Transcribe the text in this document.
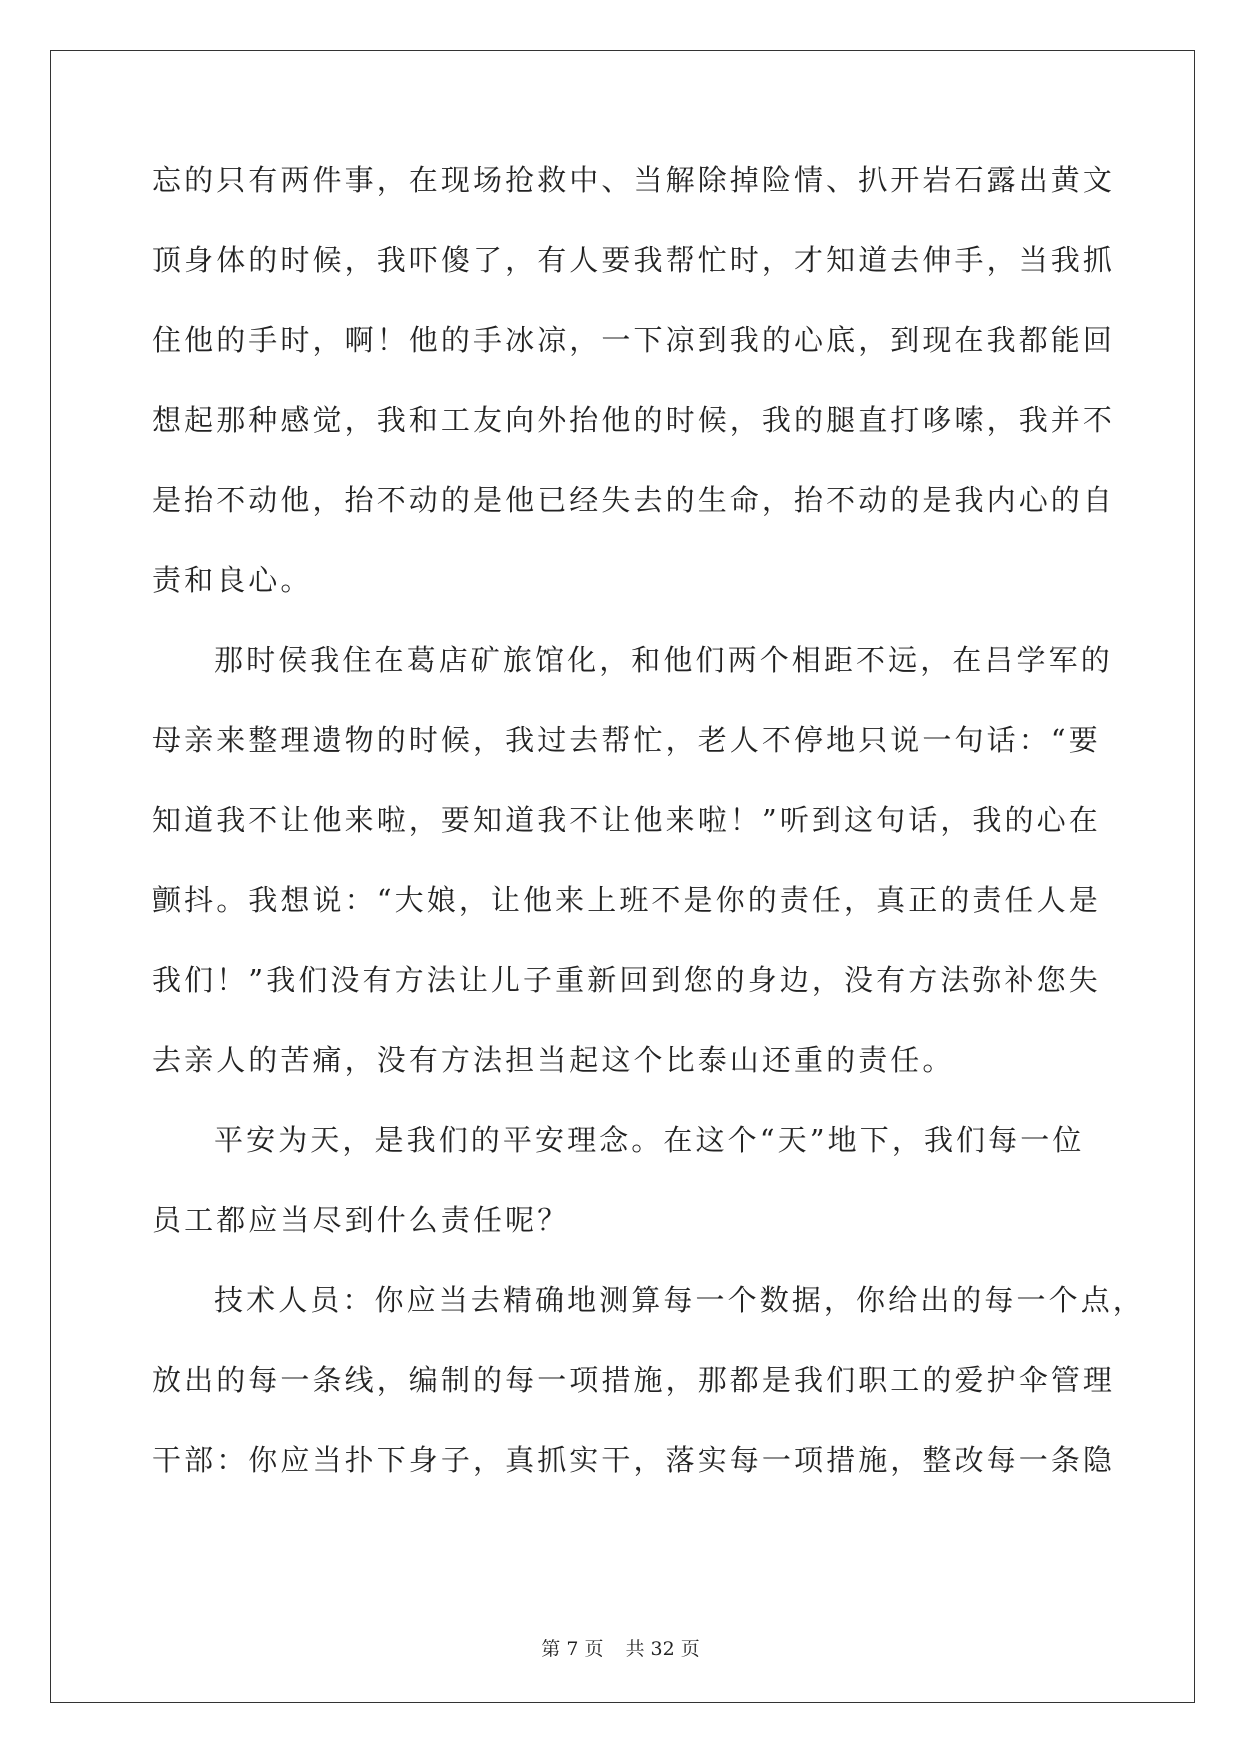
忘的只有两件事，在现场抢救中、当解除掉险情、扒开岩石露出黄文

顶身体的时候，我吓傻了，有人要我帮忙时，才知道去伸手，当我抓

住他的手时，啊！他的手冰凉，一下凉到我的心底，到现在我都能回

想起那种感觉，我和工友向外抬他的时候，我的腿直打哆嗦，我并不

是抬不动他，抬不动的是他已经失去的生命，抬不动的是我内心的自

责和良心。

那时侯我住在葛店矿旅馆化，和他们两个相距不远，在吕学军的

母亲来整理遗物的时候，我过去帮忙，老人不停地只说一句话：“要

知道我不让他来啦，要知道我不让他来啦！”听到这句话，我的心在

颤抖。我想说：“大娘，让他来上班不是你的责任，真正的责任人是

我们！”我们没有方法让儿子重新回到您的身边，没有方法弥补您失

去亲人的苦痛，没有方法担当起这个比泰山还重的责任。

平安为天，是我们的平安理念。在这个“天”地下，我们每一位

员工都应当尽到什么责任呢？

技术人员：你应当去精确地测算每一个数据，你给出的每一个点，

放出的每一条线，编制的每一项措施，那都是我们职工的爱护伞管理

干部：你应当扑下身子，真抓实干，落实每一项措施，整改每一条隐

第 7 页 共 32 页
